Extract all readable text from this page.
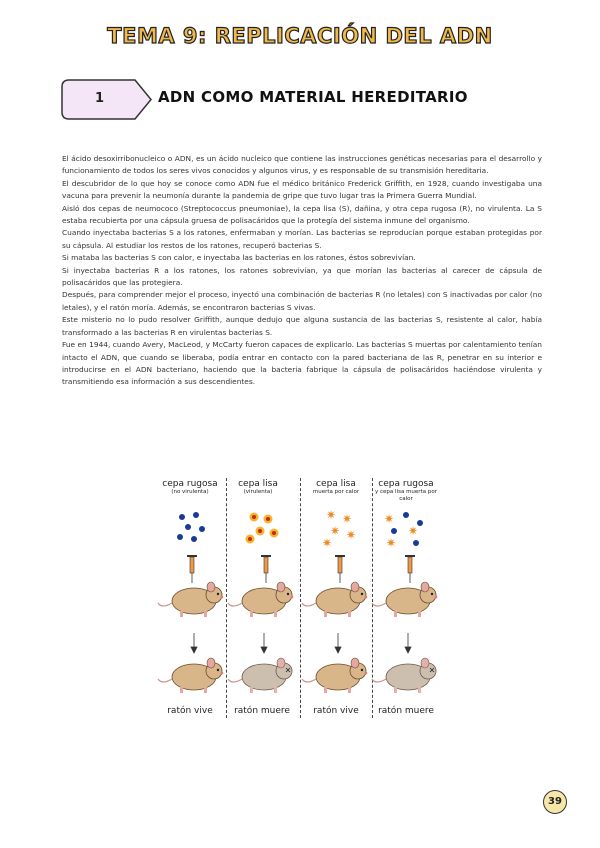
TEMA 9: REPLICACIÓN DEL ADN
1	ADN COMO MATERIAL HEREDITARIO

El ácido desoxirribonucleico o ADN, es un ácido nucleico que contiene las instrucciones genéticas necesarias para el desarrollo y funcionamiento de todos los seres vivos conocidos y algunos virus, y es responsable de su transmisión hereditaria.

El descubridor de lo que hoy se conoce como ADN fue el médico británico Frederick Griffith, en 1928, cuando investigaba una vacuna para prevenir la neumonía durante la pandemia de gripe que tuvo lugar tras la Primera Guerra Mundial.

Aisló dos cepas de neumococo (Streptococcus pneumoniae), la cepa lisa (S), dañina, y otra cepa rugosa (R), no virulenta. La S estaba recubierta por una cápsula gruesa de polisacáridos que la protegía del sistema inmune del organismo.

Cuando inyectaba bacterias S a los ratones, enfermaban y morían. Las bacterias se reproducían porque estaban protegidas por su cápsula. Al estudiar los restos de los ratones, recuperó bacterias S.

Si mataba las bacterias S con calor, e inyectaba las bacterias en los ratones, éstos sobrevivían.

Si inyectaba bacterias R a los ratones, los ratones sobrevivían, ya que morían las bacterias al carecer de cápsula de polisacáridos que las protegiera.

Después, para comprender mejor el proceso, inyectó una combinación de bacterias R (no letales) con S inactivadas por calor (no letales), y el ratón moría. Además, se encontraron bacterias S vivas.

Este misterio no lo pudo resolver Griffith, aunque dedujo que alguna sustancia de las bacterias S, resistente al calor, había transformado a las bacterias R en virulentas bacterias S.

Fue en 1944, cuando Avery, MacLeod, y McCarty fueron capaces de explicarlo. Las bacterias S muertas por calentamiento tenían intacto el ADN, que cuando se liberaba, podía entrar en contacto con la pared bacteriana de las R, penetrar en su interior e introducirse en el ADN bacteriano, haciendo que la bacteria fabrique la cápsula de polisacáridos haciéndose virulenta y transmitiendo esa información a sus descendientes.

cepa rugosa
(no virulenta)
cepa lisa
(virulenta)
cepa lisa
muerta por calor
cepa rugosa
y cepa lisa muerta por calor
✷ ✷
✷ ✷
✷
✷
✷
✷
ratón vive	ratón muere	ratón vive	ratón muere
39
